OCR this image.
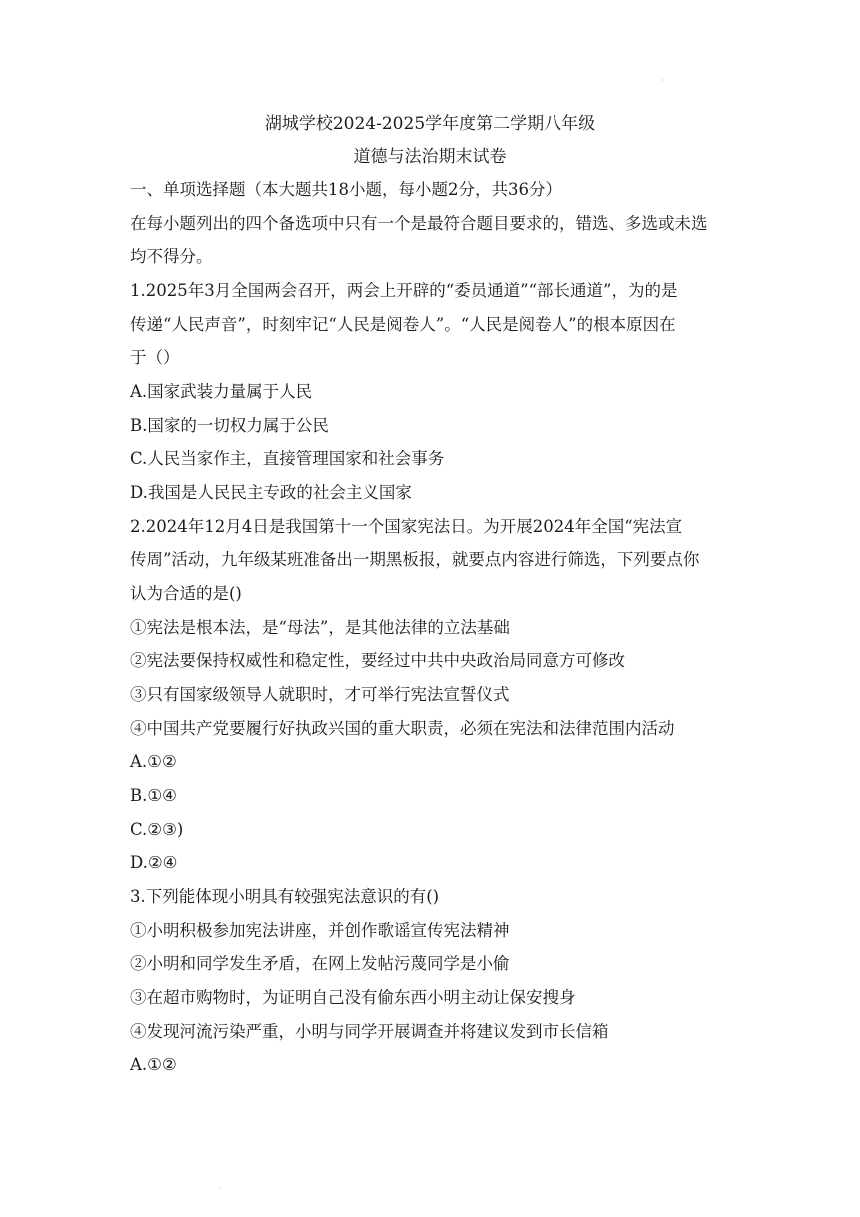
湖城学校2024-2025学年度第二学期八年级
道德与法治期末试卷
一、单项选择题（本大题共18小题，每小题2分，共36分）
在每小题列出的四个备选项中只有一个是最符合题目要求的，错选、多选或未选
均不得分。
1.2025年3月全国两会召开，两会上开辟的“委员通道”“部长通道”，为的是
传递“人民声音”，时刻牢记“人民是阅卷人”。“人民是阅卷人”的根本原因在
于（）
A.国家武装力量属于人民
B.国家的一切权力属于公民
C.人民当家作主，直接管理国家和社会事务
D.我国是人民民主专政的社会主义国家
2.2024年12月4日是我国第十一个国家宪法日。为开展2024年全国“宪法宣
传周”活动，九年级某班准备出一期黑板报，就要点内容进行筛选，下列要点你
认为合适的是()
①宪法是根本法，是“母法”，是其他法律的立法基础
②宪法要保持权威性和稳定性，要经过中共中央政治局同意方可修改
③只有国家级领导人就职时，才可举行宪法宣誓仪式
④中国共产党要履行好执政兴国的重大职责，必须在宪法和法律范围内活动
A.①②
B.①④
C.②③)
D.②④
3.下列能体现小明具有较强宪法意识的有()
①小明积极参加宪法讲座，并创作歌谣宣传宪法精神
②小明和同学发生矛盾，在网上发帖污蔑同学是小偷
③在超市购物时，为证明自己没有偷东西小明主动让保安搜身
④发现河流污染严重，小明与同学开展调查并将建议发到市长信箱
A.①②
